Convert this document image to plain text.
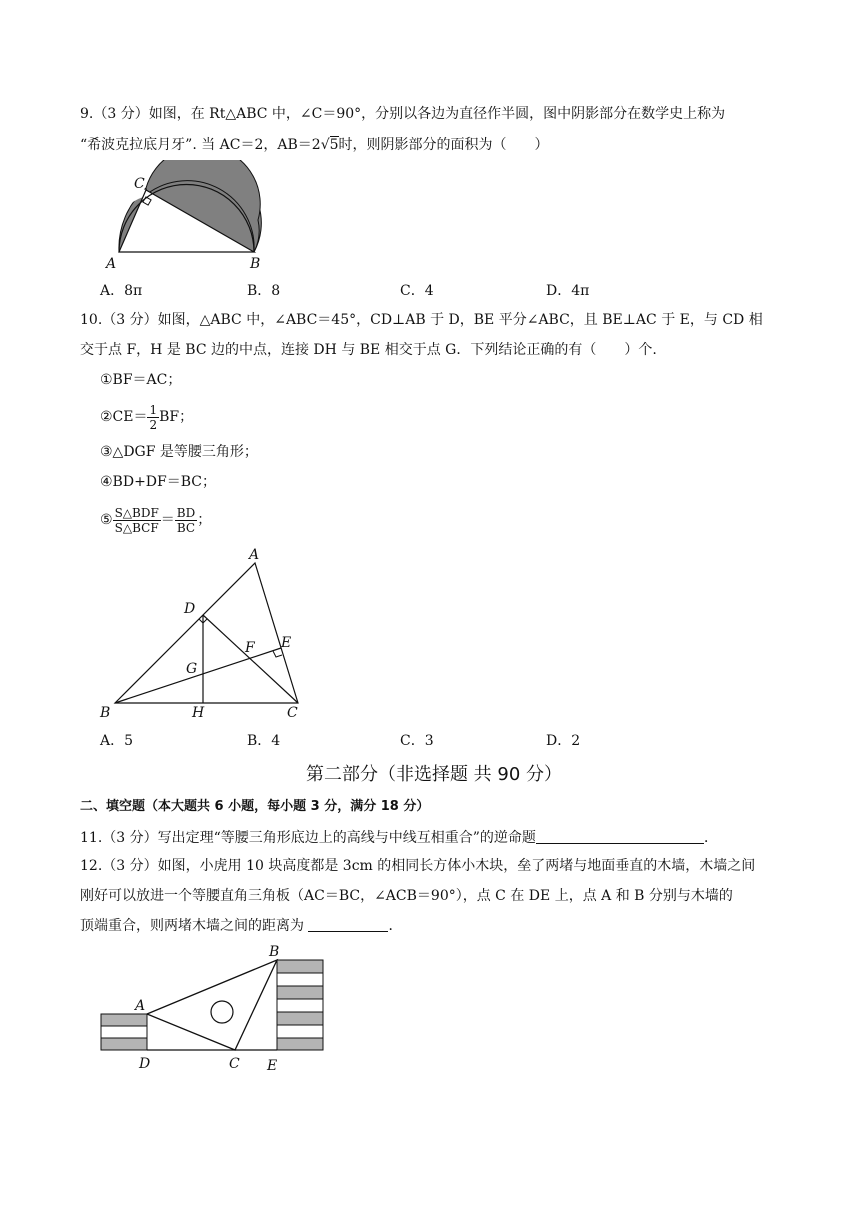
9.（3 分）如图，在 Rt△ABC 中，∠C＝90°，分别以各边为直径作半圆，图中阴影部分在数学史上称为
“希波克拉底月牙”. 当 AC＝2，AB＝2√5时，则阴影部分的面积为（　　）
C
A	B
A．8π	B．8	C．4	D．4π
10.（3 分）如图，△ABC 中，∠ABC＝45°，CD⊥AB 于 D，BE 平分∠ABC，且 BE⊥AC 于 E，与 CD 相
交于点 F，H 是 BC 边的中点，连接 DH 与 BE 相交于点 G．下列结论正确的有（　　）个.
①BF＝AC；
②CE＝ $\frac{1}{2}$ BF；
③△DGF 是等腰三角形；
④BD+DF＝BC；
⑤ $\frac{\text{S△BDF}}{\text{S△BCF}} = \frac{BD}{BC}$ ；
A
D
E
F
G
B	H	C
A．5	B．4	C．3	D．2
第二部分（非选择题 共 90 分）
二、填空题（本大题共 6 小题，每小题 3 分，满分 18 分）
11.（3 分）写出定理“等腰三角形底边上的高线与中线互相重合”的逆命题	．
12.（3 分）如图，小虎用 10 块高度都是 3cm 的相同长方体小木块，垒了两堵与地面垂直的木墙，木墙之间
刚好可以放进一个等腰直角三角板（AC＝BC，∠ACB＝90°），点 C 在 DE 上，点 A 和 B 分别与木墙的
顶端重合，则两堵木墙之间的距离为	．
A
B
D	C E
